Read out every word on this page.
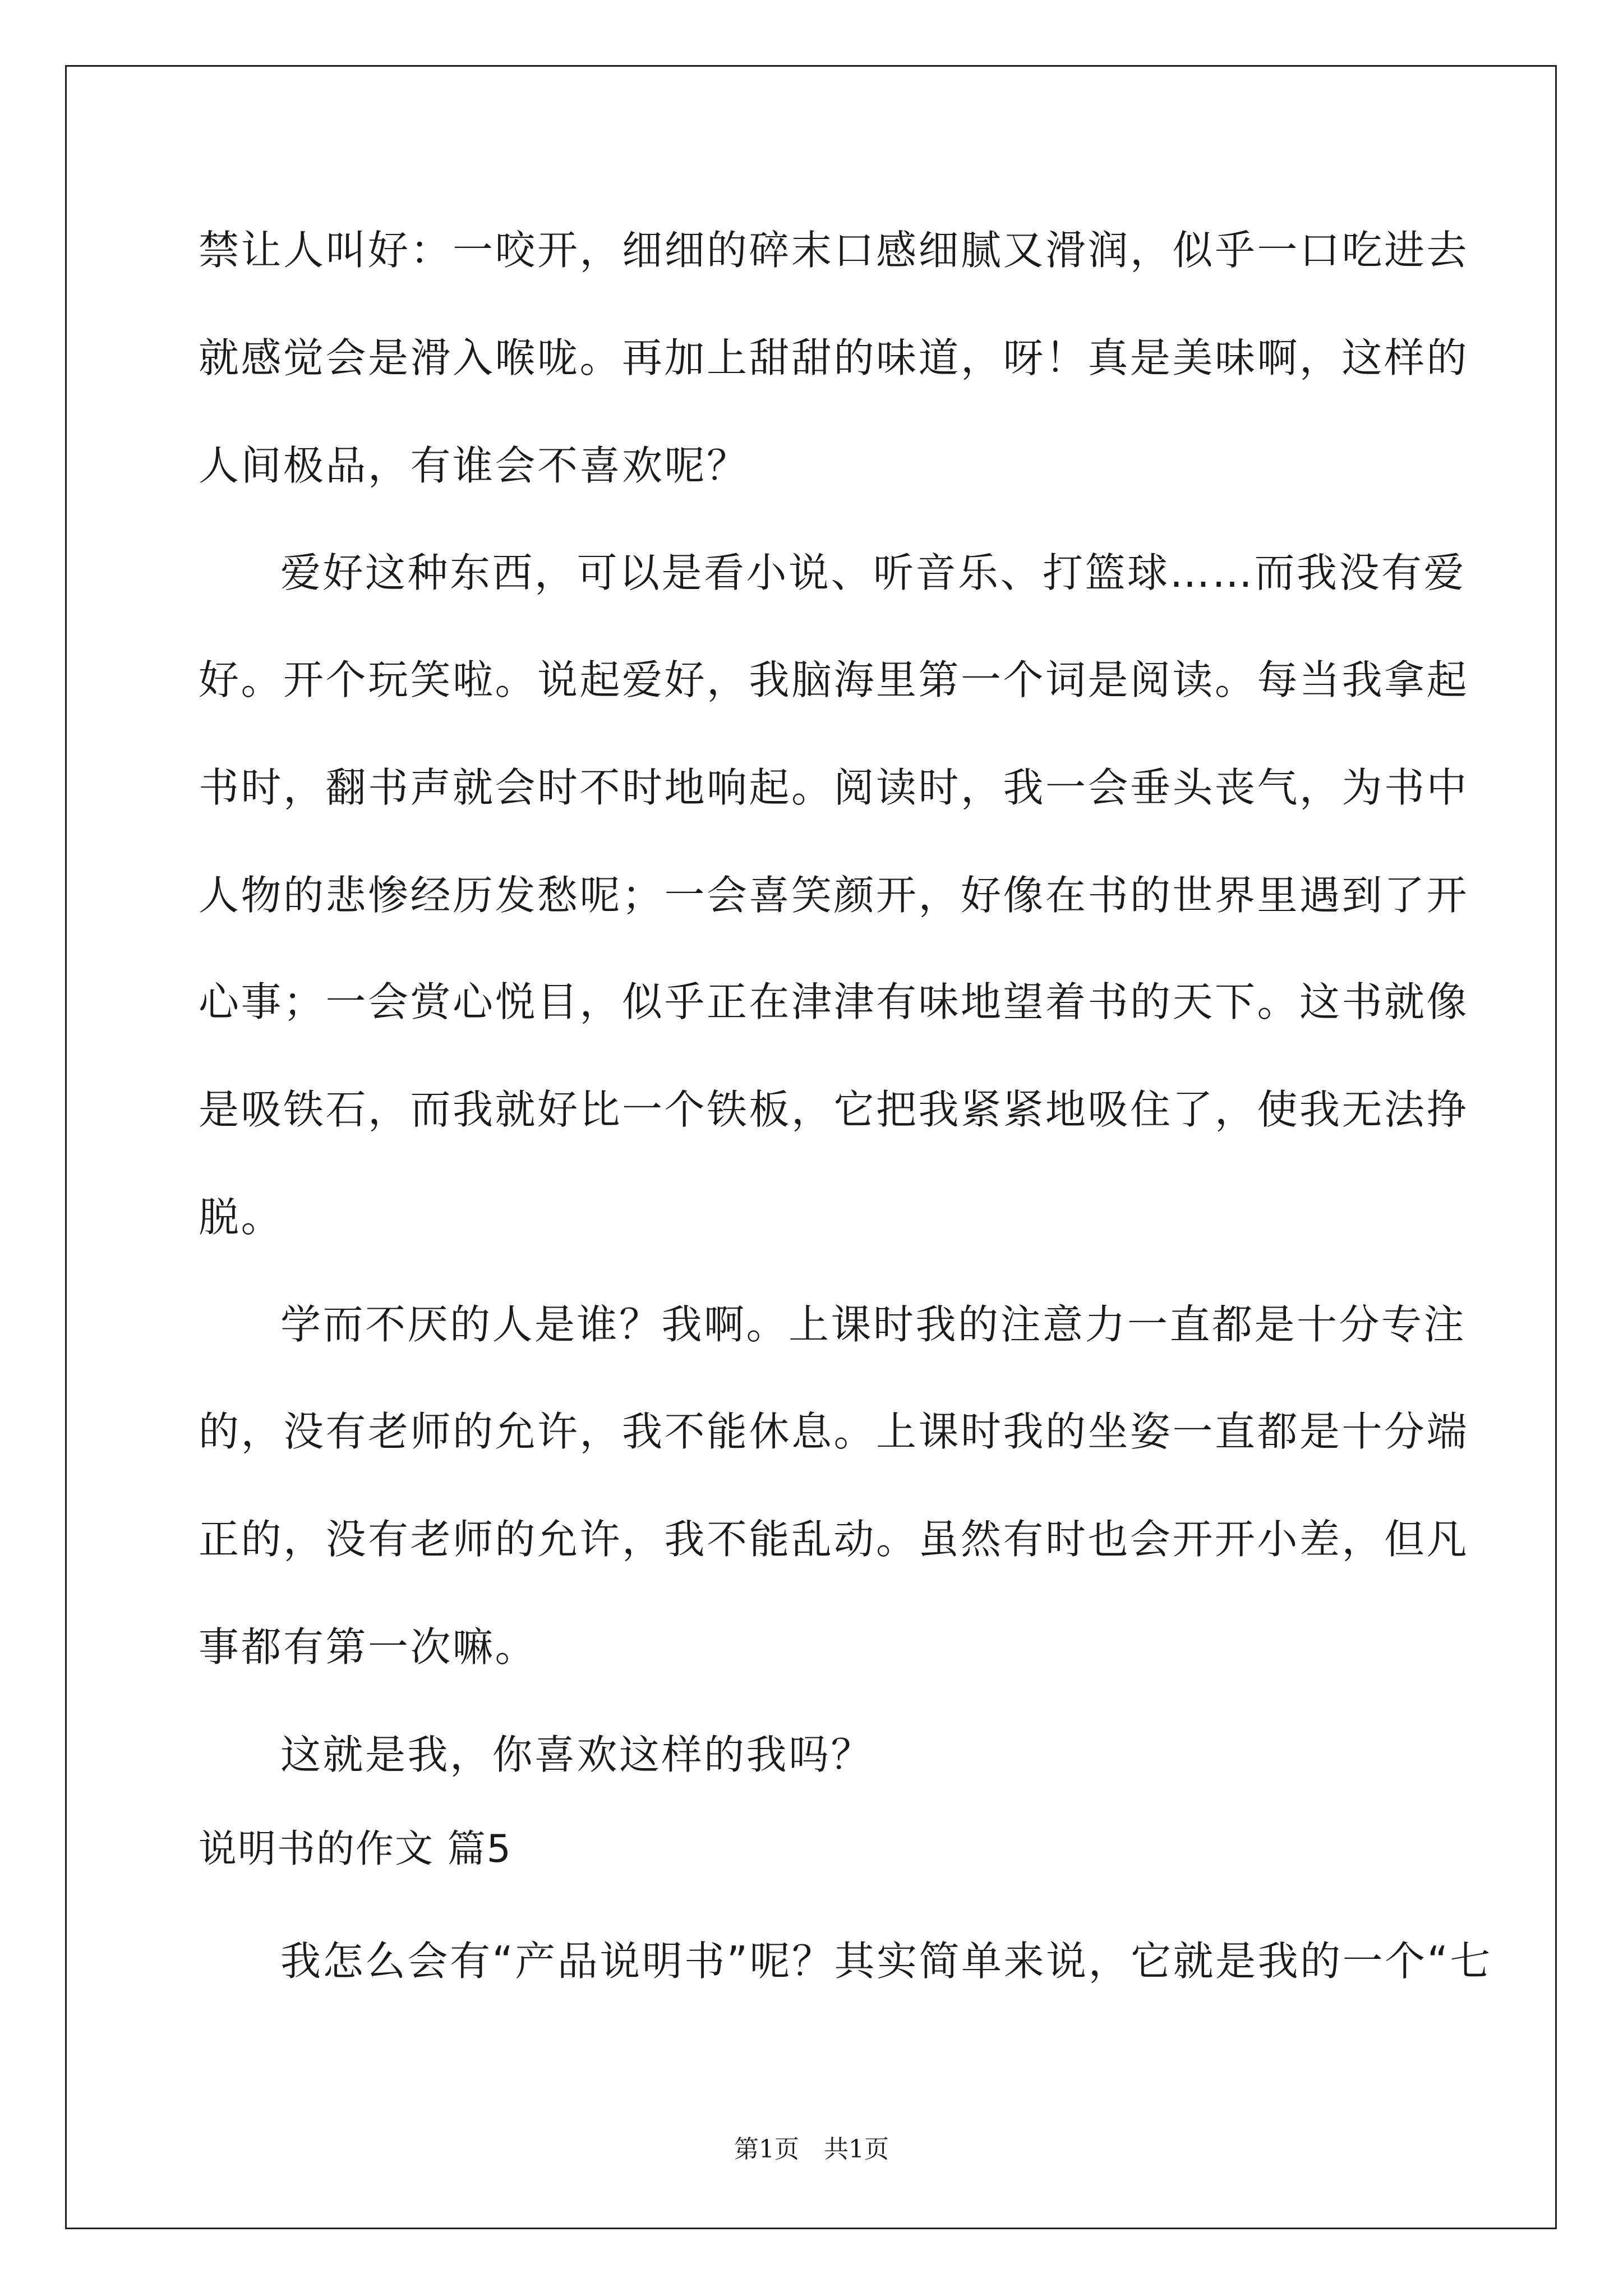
禁让人叫好：一咬开，细细的碎末口感细腻又滑润，似乎一口吃进去
就感觉会是滑入喉咙。再加上甜甜的味道，呀！真是美味啊，这样的
人间极品，有谁会不喜欢呢？
爱好这种东西，可以是看小说、听音乐、打篮球……而我没有爱
好。开个玩笑啦。说起爱好，我脑海里第一个词是阅读。每当我拿起
书时，翻书声就会时不时地响起。阅读时，我一会垂头丧气，为书中
人物的悲惨经历发愁呢；一会喜笑颜开，好像在书的世界里遇到了开
心事；一会赏心悦目，似乎正在津津有味地望着书的天下。这书就像
是吸铁石，而我就好比一个铁板，它把我紧紧地吸住了，使我无法挣
脱。
学而不厌的人是谁？我啊。上课时我的注意力一直都是十分专注
的，没有老师的允许，我不能休息。上课时我的坐姿一直都是十分端
正的，没有老师的允许，我不能乱动。虽然有时也会开开小差，但凡
事都有第一次嘛。
这就是我，你喜欢这样的我吗？
说明书的作文 篇5
我怎么会有“产品说明书”呢？其实简单来说，它就是我的一个“七
第1页　共1页
